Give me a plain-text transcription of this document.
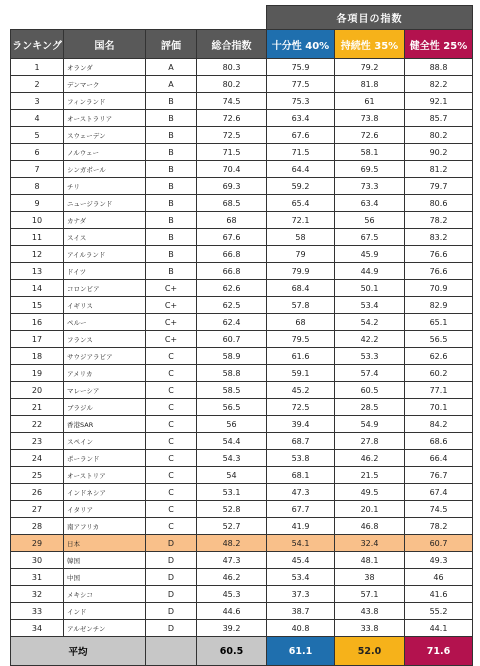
				各項目の指数		
ランキング	国名	評価	総合指数	十分性 40%	持続性 35%	健全性 25%
1	オランダ	A	80.3	75.9	79.2	88.8
2	デンマーク	A	80.2	77.5	81.8	82.2
3	フィンランド	B	74.5	75.3	61	92.1
4	オーストラリア	B	72.6	63.4	73.8	85.7
5	スウェーデン	B	72.5	67.6	72.6	80.2
6	ノルウェー	B	71.5	71.5	58.1	90.2
7	シンガポール	B	70.4	64.4	69.5	81.2
8	チリ	B	69.3	59.2	73.3	79.7
9	ニュージランド	B	68.5	65.4	63.4	80.6
10	カナダ	B	68	72.1	56	78.2
11	スイス	B	67.6	58	67.5	83.2
12	アイルランド	B	66.8	79	45.9	76.6
13	ドイツ	B	66.8	79.9	44.9	76.6
14	コロンビア	C+	62.6	68.4	50.1	70.9
15	イギリス	C+	62.5	57.8	53.4	82.9
16	ペルー	C+	62.4	68	54.2	65.1
17	フランス	C+	60.7	79.5	42.2	56.5
18	サウジアラビア	C	58.9	61.6	53.3	62.6
19	アメリカ	C	58.8	59.1	57.4	60.2
20	マレーシア	C	58.5	45.2	60.5	77.1
21	ブラジル	C	56.5	72.5	28.5	70.1
22	香港SAR	C	56	39.4	54.9	84.2
23	スペイン	C	54.4	68.7	27.8	68.6
24	ポーランド	C	54.3	53.8	46.2	66.4
25	オーストリア	C	54	68.1	21.5	76.7
26	インドネシア	C	53.1	47.3	49.5	67.4
27	イタリア	C	52.8	67.7	20.1	74.5
28	南アフリカ	C	52.7	41.9	46.8	78.2
29	日本	D	48.2	54.1	32.4	60.7
30	韓国	D	47.3	45.4	48.1	49.3
31	中国	D	46.2	53.4	38	46
32	メキシコ	D	45.3	37.3	57.1	41.6
33	インド	D	44.6	38.7	43.8	55.2
34	アルゼンチン	D	39.2	40.8	33.8	44.1
平均			60.5	61.1	52.0	71.6
